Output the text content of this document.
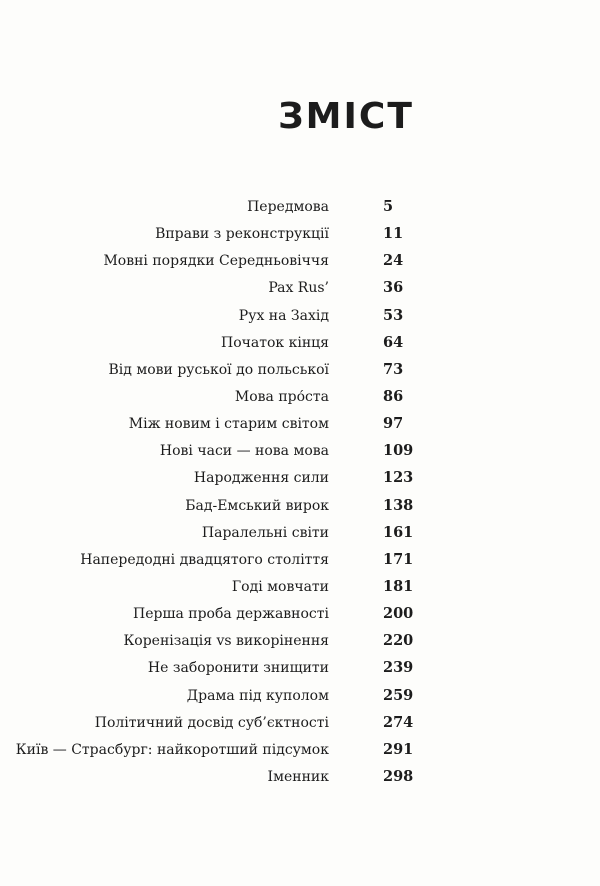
ЗМІСТ
Передмова	5
Вправи з реконструкції	11
Мовні порядки Середньовіччя	24
Pax Rus’	36
Рух на Захід	53
Початок кінця	64
Від мови руської до польської	73
Мова про́ста	86
Між новим і старим світом	97
Нові часи — нова мова	109
Народження сили	123
Бад-Емський вирок	138
Паралельні світи	161
Напередодні двадцятого століття	171
Годі мовчати	181
Перша проба державності	200
Коренізація vs викорінення	220
Не заборонити знищити	239
Драма під куполом	259
Політичний досвід суб’єктності	274
Київ — Страсбург: найкоротший підсумок	291
Іменник	298
